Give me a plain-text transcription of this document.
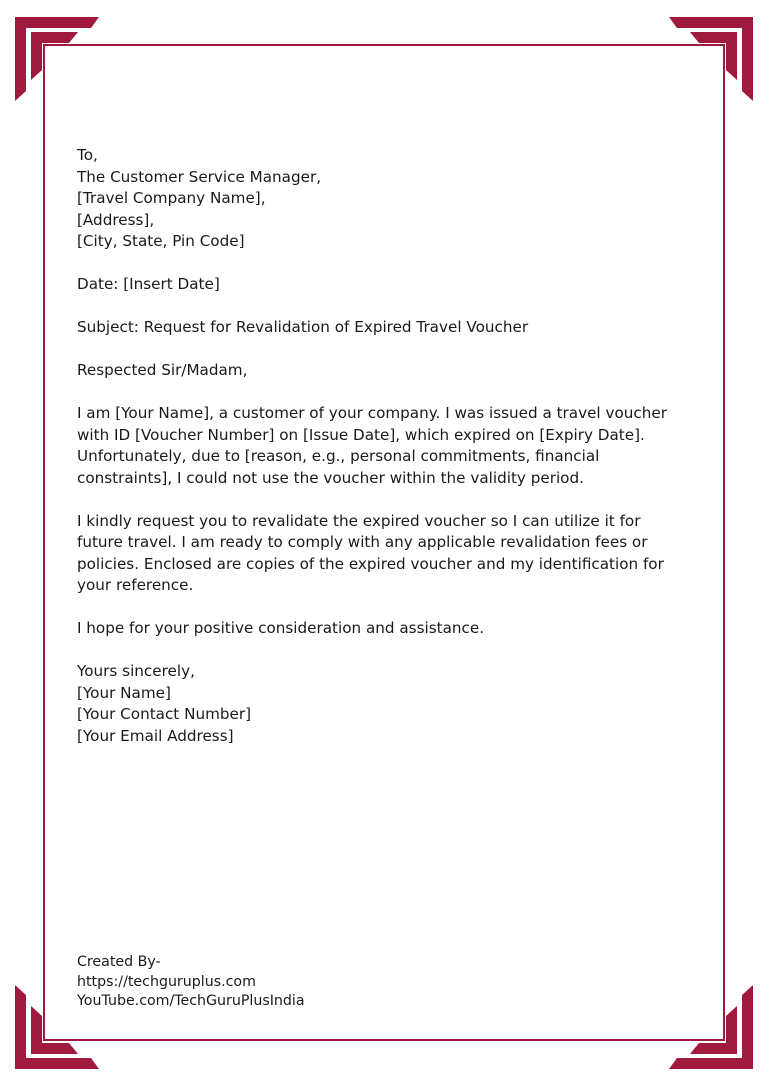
To,
The Customer Service Manager,
[Travel Company Name],
[Address],
[City, State, Pin Code]
Date: [Insert Date]
Subject: Request for Revalidation of Expired Travel Voucher
Respected Sir/Madam,
I am [Your Name], a customer of your company. I was issued a travel voucher
with ID [Voucher Number] on [Issue Date], which expired on [Expiry Date].
Unfortunately, due to [reason, e.g., personal commitments, financial
constraints], I could not use the voucher within the validity period.
I kindly request you to revalidate the expired voucher so I can utilize it for
future travel. I am ready to comply with any applicable revalidation fees or
policies. Enclosed are copies of the expired voucher and my identification for
your reference.
I hope for your positive consideration and assistance.
Yours sincerely,
[Your Name]
[Your Contact Number]
[Your Email Address]
Created By-
https://techguruplus.com
YouTube.com/TechGuruPlusIndia
